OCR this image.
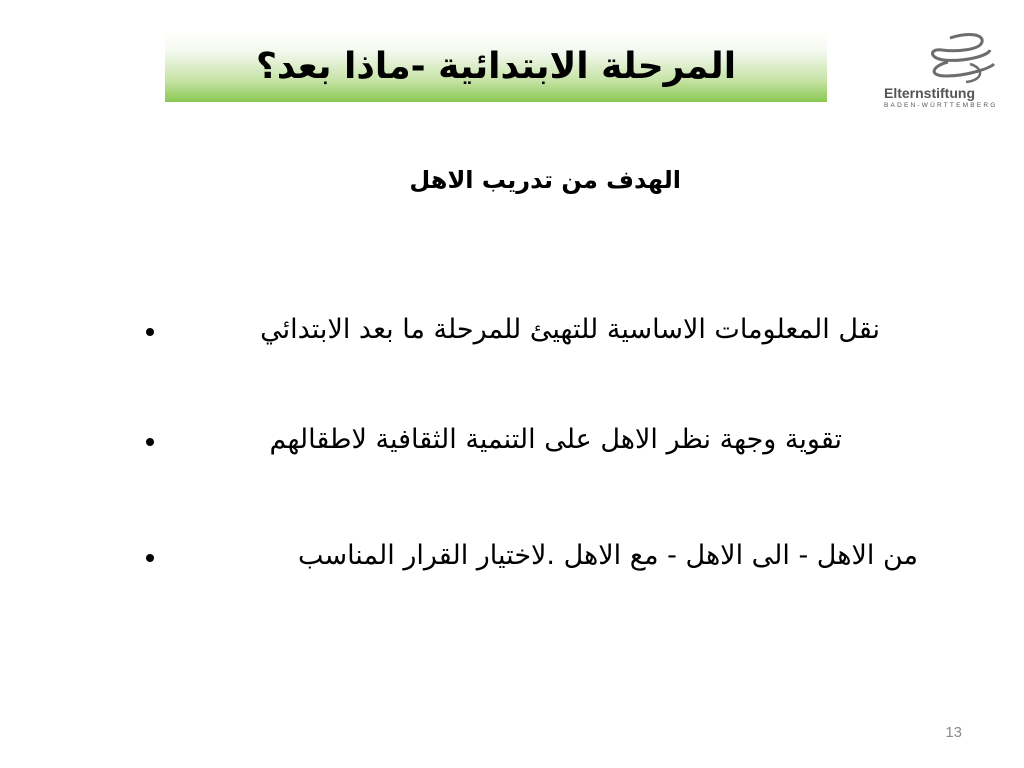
المرحلة الابتدائية -ماذا بعد؟
Elternstiftung
BADEN-WÜRTTEMBERG
الهدف من تدريب الاهل
نقل المعلومات الاساسية للتهيئ للمرحلة ما بعد الابتدائي
تقوية وجهة نظر الاهل على التنمية الثقافية لاطقالهم
من الاهل - الى الاهل - مع الاهل .لاختيار القرار المناسب
13
